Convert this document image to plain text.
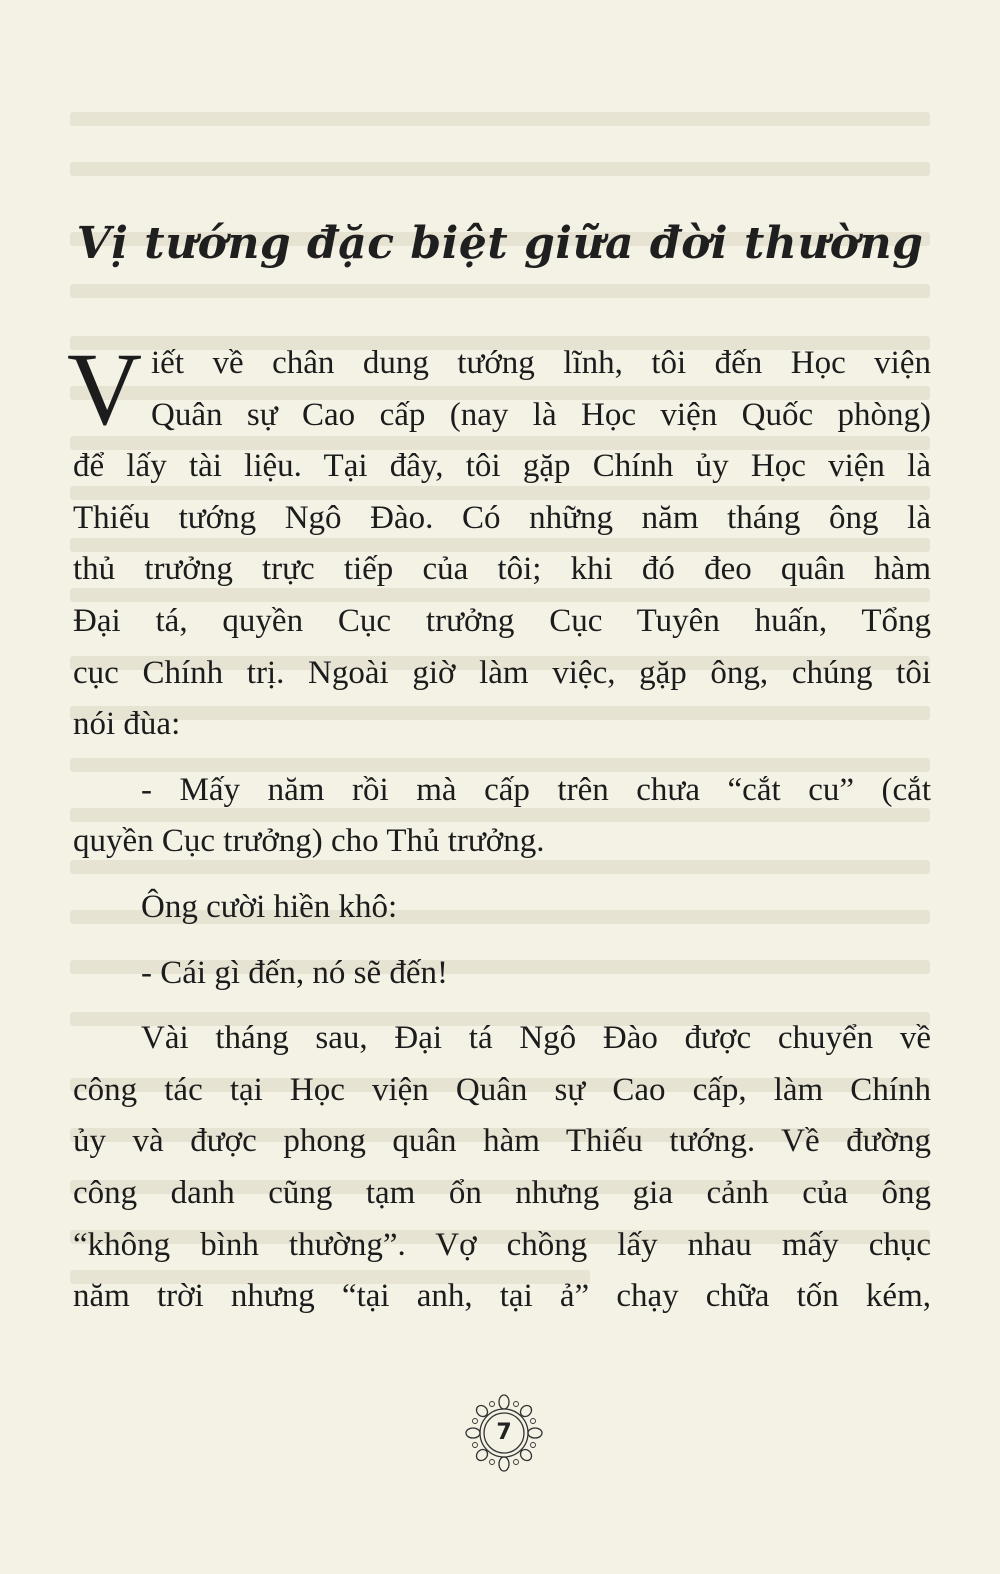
Vị tướng đặc biệt giữa đời thường
V iết về chân dung tướng lĩnh, tôi đến Học viện
Quân sự Cao cấp (nay là Học viện Quốc phòng)
để lấy tài liệu. Tại đây, tôi gặp Chính ủy Học viện là
Thiếu tướng Ngô Đào. Có những năm tháng ông là
thủ trưởng trực tiếp của tôi; khi đó đeo quân hàm
Đại tá, quyền Cục trưởng Cục Tuyên huấn, Tổng
cục Chính trị. Ngoài giờ làm việc, gặp ông, chúng tôi
nói đùa:
- Mấy năm rồi mà cấp trên chưa “cắt cu” (cắt
quyền Cục trưởng) cho Thủ trưởng.
Ông cười hiền khô:
- Cái gì đến, nó sẽ đến!
Vài tháng sau, Đại tá Ngô Đào được chuyển về
công tác tại Học viện Quân sự Cao cấp, làm Chính
ủy và được phong quân hàm Thiếu tướng. Về đường
công danh cũng tạm ổn nhưng gia cảnh của ông
“không bình thường”. Vợ chồng lấy nhau mấy chục
năm trời nhưng “tại anh, tại ả” chạy chữa tốn kém,
7
